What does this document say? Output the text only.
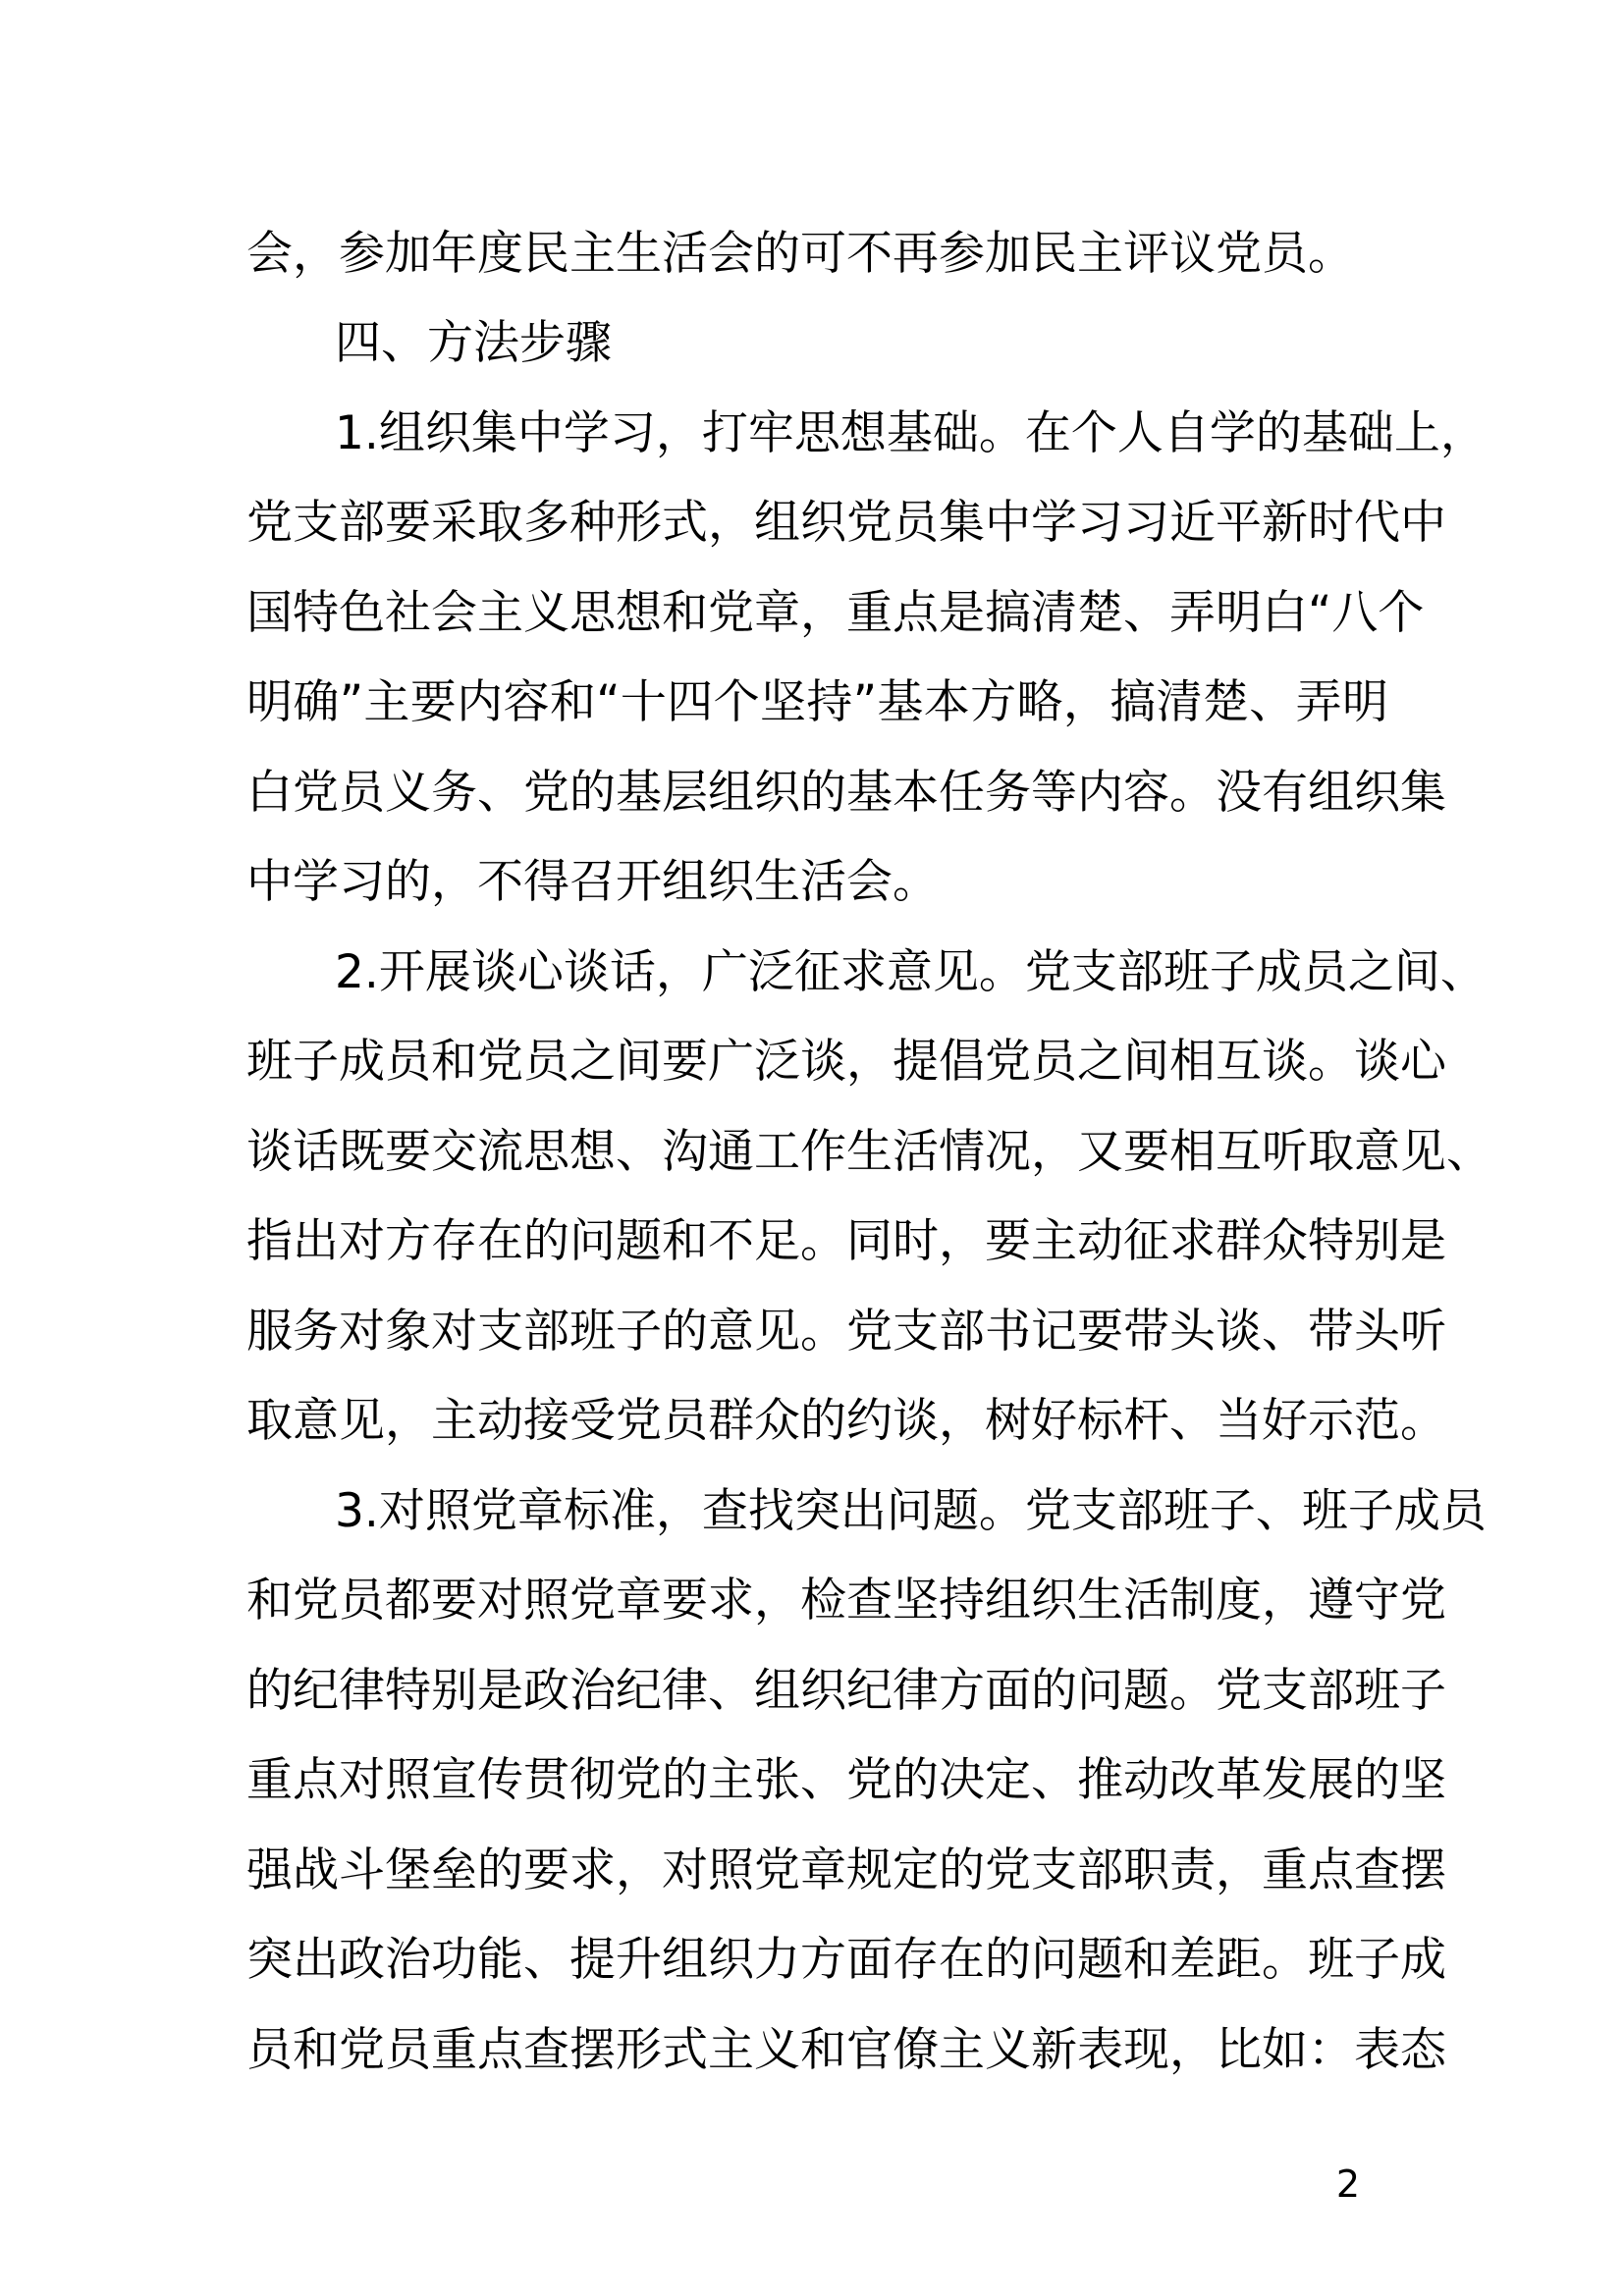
会，参加年度民主生活会的可不再参加民主评议党员。
四、方法步骤
1.组织集中学习，打牢思想基础。在个人自学的基础上，
党支部要采取多种形式，组织党员集中学习习近平新时代中
国特色社会主义思想和党章，重点是搞清楚、弄明白“八个
明确”主要内容和“十四个坚持”基本方略，搞清楚、弄明
白党员义务、党的基层组织的基本任务等内容。没有组织集
中学习的，不得召开组织生活会。
2.开展谈心谈话，广泛征求意见。党支部班子成员之间、
班子成员和党员之间要广泛谈，提倡党员之间相互谈。谈心
谈话既要交流思想、沟通工作生活情况，又要相互听取意见、
指出对方存在的问题和不足。同时，要主动征求群众特别是
服务对象对支部班子的意见。党支部书记要带头谈、带头听
取意见，主动接受党员群众的约谈，树好标杆、当好示范。
3.对照党章标准，查找突出问题。党支部班子、班子成员
和党员都要对照党章要求，检查坚持组织生活制度，遵守党
的纪律特别是政治纪律、组织纪律方面的问题。党支部班子
重点对照宣传贯彻党的主张、党的决定、推动改革发展的坚
强战斗堡垒的要求，对照党章规定的党支部职责，重点查摆
突出政治功能、提升组织力方面存在的问题和差距。班子成
员和党员重点查摆形式主义和官僚主义新表现，比如：表态
2
